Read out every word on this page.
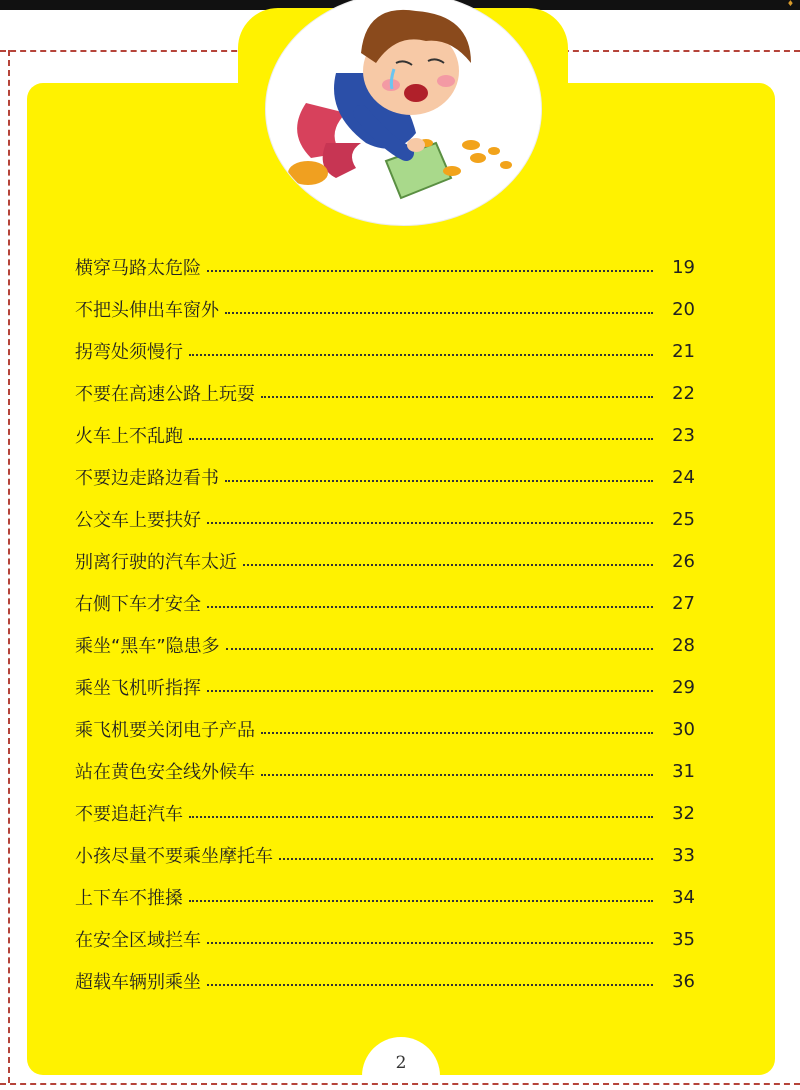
♦
横穿马路太危险	19
不把头伸出车窗外	20
拐弯处须慢行	21
不要在高速公路上玩耍	22
火车上不乱跑	23
不要边走路边看书	24
公交车上要扶好	25
别离行驶的汽车太近	26
右侧下车才安全	27
乘坐“黑车”隐患多	28
乘坐飞机听指挥	29
乘飞机要关闭电子产品	30
站在黄色安全线外候车	31
不要追赶汽车	32
小孩尽量不要乘坐摩托车	33
上下车不推搡	34
在安全区域拦车	35
超载车辆别乘坐	36
2
